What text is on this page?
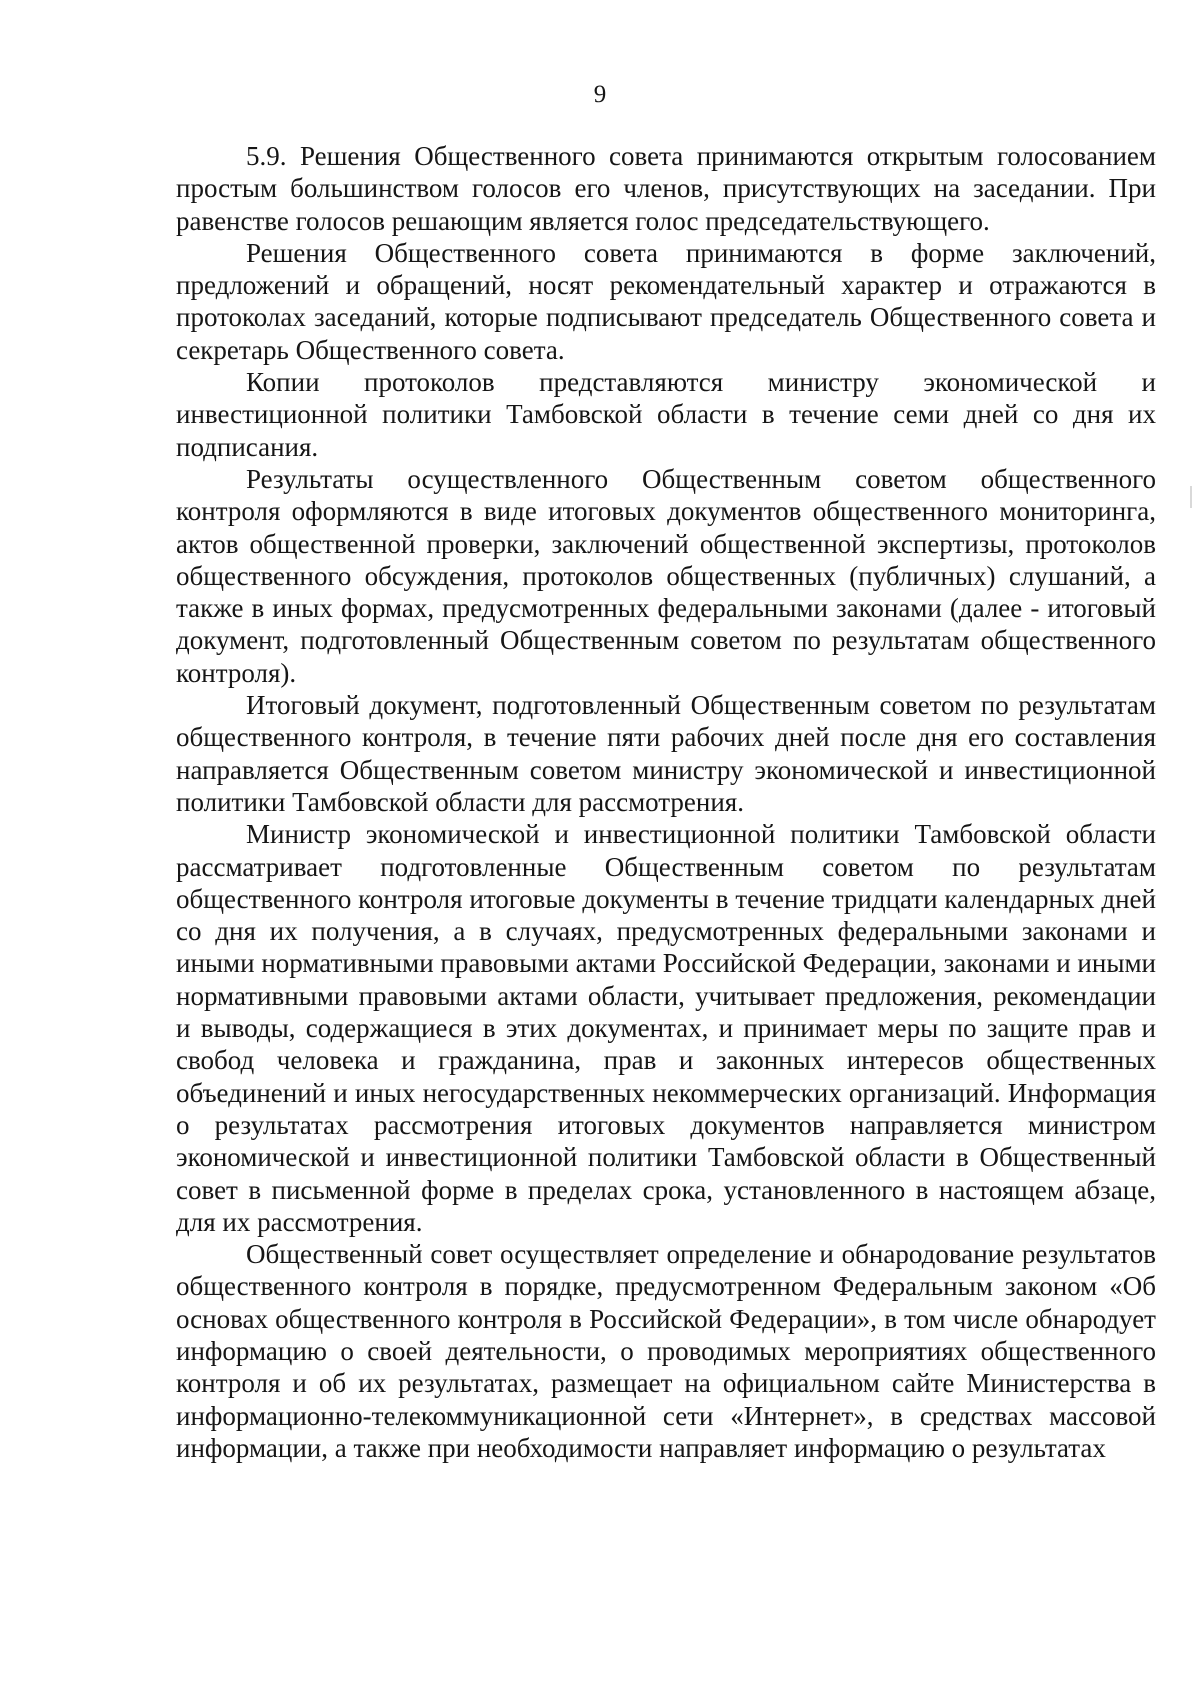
9

5.9. Решения Общественного совета принимаются открытым голосованием простым большинством голосов его членов, присутствующих на заседании. При равенстве голосов решающим является голос председательствующего.

Решения Общественного совета принимаются в форме заключений, предложений и обращений, носят рекомендательный характер и отражаются в протоколах заседаний, которые подписывают председатель Общественного совета и секретарь Общественного совета.

Копии протоколов представляются министру экономической и инвестиционной политики Тамбовской области в течение семи дней со дня их подписания.

Результаты осуществленного Общественным советом общественного контроля оформляются в виде итоговых документов общественного мониторинга, актов общественной проверки, заключений общественной экспертизы, протоколов общественного обсуждения, протоколов общественных (публичных) слушаний, а также в иных формах, предусмотренных федеральными законами (далее - итоговый документ, подготовленный Общественным советом по результатам общественного контроля).

Итоговый документ, подготовленный Общественным советом по результатам общественного контроля, в течение пяти рабочих дней после дня его составления направляется Общественным советом министру экономической и инвестиционной политики Тамбовской области для рассмотрения.

Министр экономической и инвестиционной политики Тамбовской области рассматривает подготовленные Общественным советом по результатам общественного контроля итоговые документы в течение тридцати календарных дней со дня их получения, а в случаях, предусмотренных федеральными законами и иными нормативными правовыми актами Российской Федерации, законами и иными нормативными правовыми актами области, учитывает предложения, рекомендации и выводы, содержащиеся в этих документах, и принимает меры по защите прав и свобод человека и гражданина, прав и законных интересов общественных объединений и иных негосударственных некоммерческих организаций. Информация о результатах рассмотрения итоговых документов направляется министром экономической и инвестиционной политики Тамбовской области в Общественный совет в письменной форме в пределах срока, установленного в настоящем абзаце, для их рассмотрения.

Общественный совет осуществляет определение и обнародование результатов общественного контроля в порядке, предусмотренном Федеральным законом «Об основах общественного контроля в Российской Федерации», в том числе обнародует информацию о своей деятельности, о проводимых мероприятиях общественного контроля и об их результатах, размещает на официальном сайте Министерства в информационно-телекоммуникационной сети «Интернет», в средствах массовой информации, а также при необходимости направляет информацию о результатах
